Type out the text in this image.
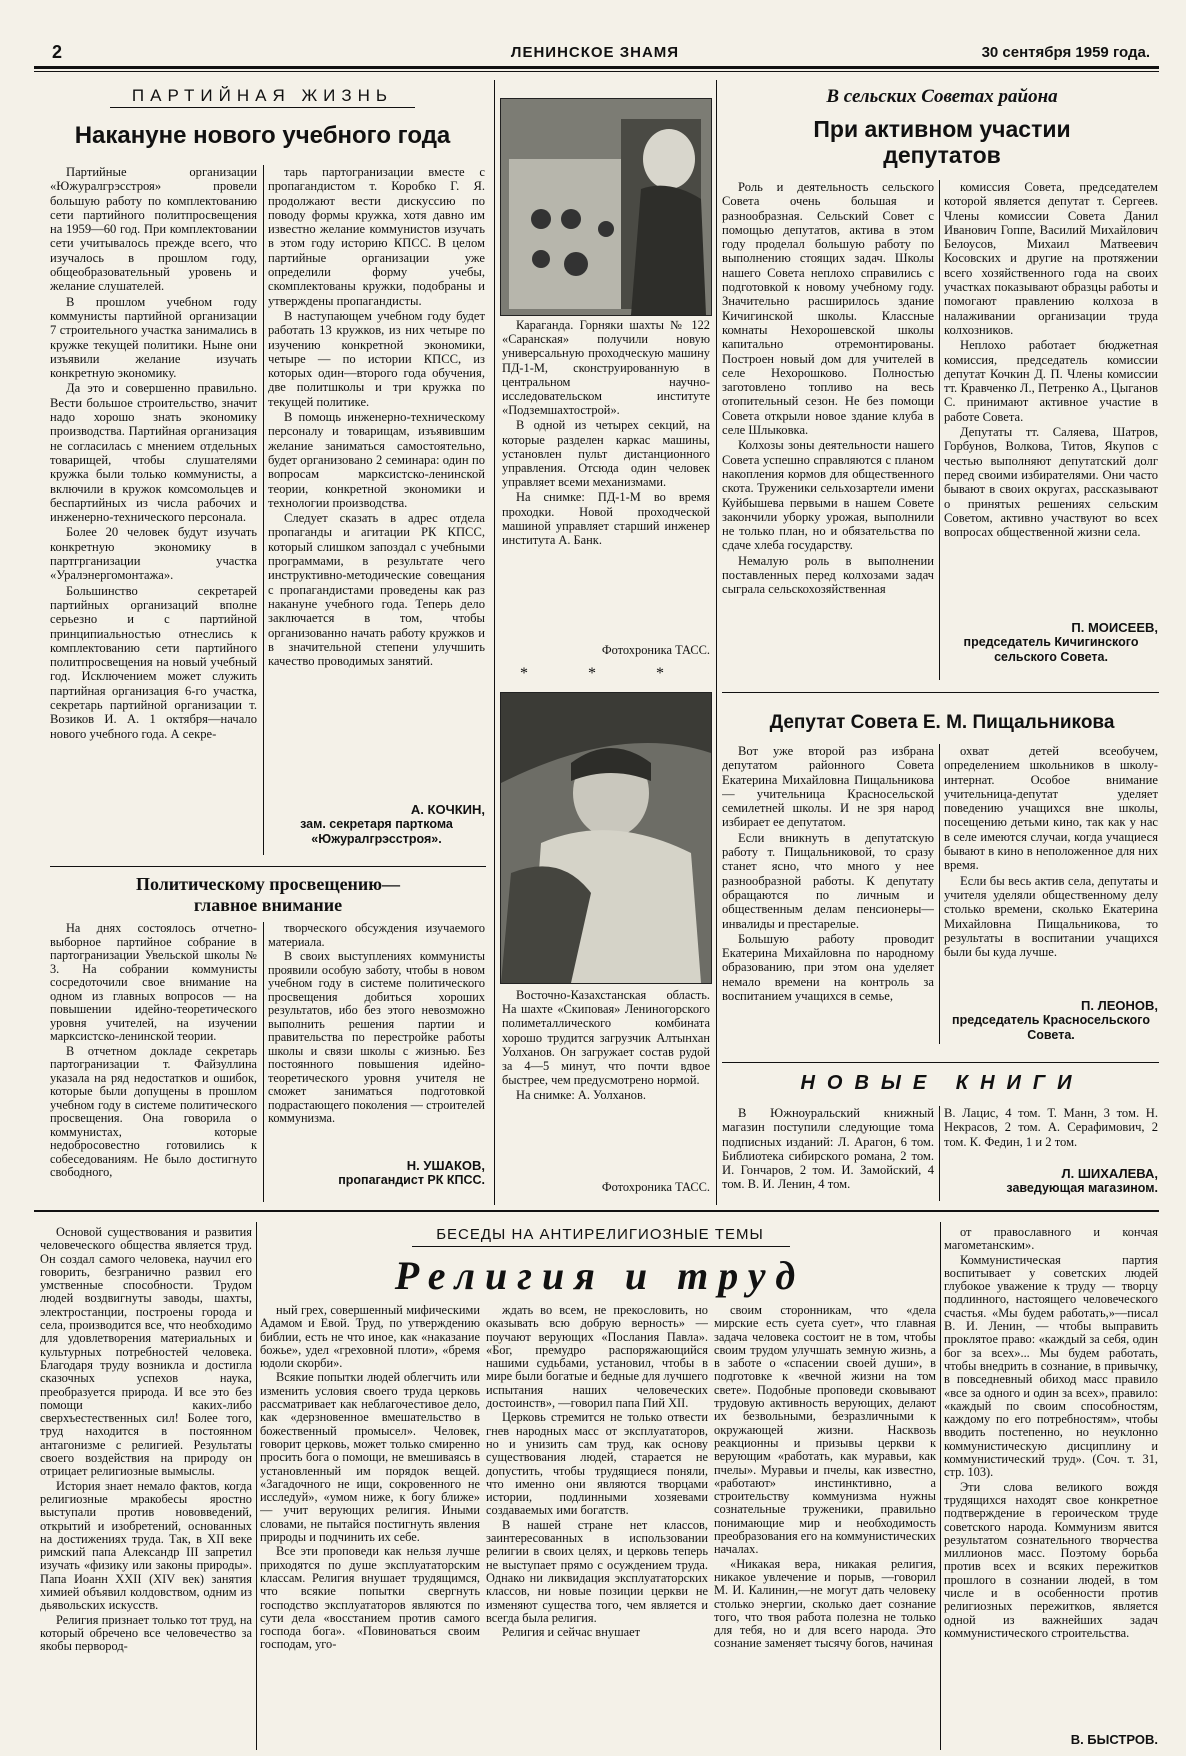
2	ЛЕНИНСКОЕ ЗНАМЯ	30 сентября 1959 года.
ПАРТИЙНАЯ ЖИЗНЬ
Накануне нового учебного года

Партийные организации «Южуралгрэсстроя» провели большую работу по комплектованию сети партийного политпросвещения на 1959—60 год. При комплектовании сети учитывалось прежде всего, что изучалось в прошлом году, общеобразовательный уровень и желание слушателей.

В прошлом учебном году коммунисты партийной организации 7 строительного участка занимались в кружке текущей политики. Ныне они изъявили желание изучать конкретную экономику.

Да это и совершенно правильно. Вести большое строительство, значит надо хорошо знать экономику производства. Партийная организация не согласилась с мнением отдельных товарищей, чтобы слушателями кружка были только коммунисты, а включили в кружок комсомольцев и беспартийных из числа рабочих и инженерно-технического персонала.

Более 20 человек будут изучать конкретную экономику в партгрганизации участка «Уралэнергомонтажа».

Большинство секретарей партийных организаций вполне серьезно и с партийной принципиальностью отнеслись к комплектованию сети партийного политпросвещения на новый учебный год. Исключением может служить партийная организация 6-го участка, секретарь партийной организации т. Возиков И. А. 1 октября—начало нового учебного года. А секре-

тарь партогранизации вместе с пропагандистом т. Коробко Г. Я. продолжают вести дискуссию по поводу формы кружка, хотя давно им известно желание коммунистов изучать в этом году историю КПСС. В целом партийные организации уже определили форму учебы, скомплектованы кружки, подобраны и утверждены пропагандисты.

В наступающем учебном году будет работать 13 кружков, из них четыре по изучению конкретной экономики, четыре — по истории КПСС, из которых один—второго года обучения, две политшколы и три кружка по текущей политике.

В помощь инженерно-техническому персоналу и товарищам, изъявившим желание заниматься самостоятельно, будет организовано 2 семинара: один по вопросам марксистско-ленинской теории, конкретной экономики и технологии производства.

Следует сказать в адрес отдела пропаганды и агитации РК КПСС, который слишком запоздал с учебными программами, в результате чего инструктивно-методические совещания с пропагандистами проведены как раз накануне учебного года. Теперь дело заключается в том, чтобы организованно начать работу кружков и в значительной степени улучшить качество проводимых занятий.

А. КОЧКИН,
зам. секретаря парткома «Южуралгрэсстроя».
Политическому просвещению—
главное внимание

На днях состоялось отчетно-выборное партийное собрание в партогранизации Увельской школы № 3. На собрании коммунисты сосредоточили свое внимание на одном из главных вопросов — на повышении идейно-теоретического уровня учителей, на изучении марксистско-ленинской теории.

В отчетном докладе секретарь партогранизации т. Файзуллина указала на ряд недостатков и ошибок, которые были допущены в прошлом учебном году в системе политического просвещения. Она говорила о коммунистах, которые недобросовестно готовились к собеседованиям. Не было достигнуто свободного,

творческого обсуждения изучаемого материала.

В своих выступлениях коммунисты проявили особую заботу, чтобы в новом учебном году в системе политического просвещения добиться хороших результатов, ибо без этого невозможно выполнить решения партии и правительства по перестройке работы школы и связи школы с жизнью. Без постоянного повышения идейно-теоретического уровня учителя не сможет заниматься подготовкой подрастающего поколения — строителей коммунизма.

Н. УШАКОВ,
пропагандист РК КПСС.

Караганда. Горняки шахты № 122 «Саранская» получили новую универсальную проходческую машину ПД-1-М, сконструированную в центральном научно-исследовательском институте «Подземшахтострой».

В одной из четырех секций, на которые разделен каркас машины, установлен пульт дистанционного управления. Отсюда один человек управляет всеми механизмами.

На снимке: ПД-1-М во время проходки. Новой проходческой машиной управляет старший инженер института А. Банк.

Фотохроника ТАСС.
* * *

Восточно-Казахстанская область. На шахте «Скиповая» Лениногорского полиметаллического комбината хорошо трудится загрузчик Алтынхан Уолханов. Он загружает состав рудой за 4—5 минут, что почти вдвое быстрее, чем предусмотрено нормой.

На снимке: А. Уолханов.

Фотохроника ТАСС.
В сельских Советах района
При активном участии
депутатов

Роль и деятельность сельского Совета очень большая и разнообразная. Сельский Совет с помощью депутатов, актива в этом году проделал большую работу по выполнению стоящих задач. Школы нашего Совета неплохо справились с подготовкой к новому учебному году. Значительно расширилось здание Кичигинской школы. Классные комнаты Нехорошевской школы капитально отремонтированы. Построен новый дом для учителей в селе Нехорошково. Полностью заготовлено топливо на весь отопительный сезон. Не без помощи Совета открыли новое здание клуба в селе Шлыковка.

Колхозы зоны деятельности нашего Совета успешно справляются с планом накопления кормов для общественного скота. Труженики сельхозартели имени Куйбышева первыми в нашем Совете закончили уборку урожая, выполнили не только план, но и обязательства по сдаче хлеба государству.

Немалую роль в выполнении поставленных перед колхозами задач сыграла сельскохозяйственная

комиссия Совета, председателем которой является депутат т. Сергеев. Члены комиссии Совета Данил Иванович Гоппе, Василий Михайлович Белоусов, Михаил Матвеевич Косовских и другие на протяжении всего хозяйственного года на своих участках показывают образцы работы и помогают правлению колхоза в налаживании организации труда колхозников.

Неплохо работает бюджетная комиссия, председатель комиссии депутат Кочкин Д. П. Члены комиссии тт. Кравченко Л., Петренко А., Цыганов С. принимают активное участие в работе Совета.

Депутаты тт. Саляева, Шатров, Горбунов, Волкова, Титов, Якупов с честью выполняют депутатский долг перед своими избирателями. Они часто бывают в своих округах, рассказывают о принятых решениях сельским Советом, активно участвуют во всех вопросах общественной жизни села.

П. МОИСЕЕВ,
председатель Кичигинского
сельского Совета.
Депутат Совета Е. М. Пищальникова

Вот уже второй раз избрана депутатом районного Совета Екатерина Михайловна Пищальникова — учительница Красносельской семилетней школы. И не зря народ избирает ее депутатом.

Если вникнуть в депутатскую работу т. Пищальниковой, то сразу станет ясно, что много у нее разнообразной работы. К депутату обращаются по личным и общественным делам пенсионеры—инвалиды и престарелые.

Большую работу проводит Екатерина Михайловна по народному образованию, при этом она уделяет немало времени на контроль за воспитанием учащихся в семье,

охват детей всеобучем, определением школьников в школу-интернат. Особое внимание учительница-депутат уделяет поведению учащихся вне школы, посещению детьми кино, так как у нас в селе имеются случаи, когда учащиеся бывают в кино в неположенное для них время.

Если бы весь актив села, депутаты и учителя уделяли общественному делу столько времени, сколько Екатерина Михайловна Пищальникова, то результаты в воспитании учащихся были бы куда лучше.

П. ЛЕОНОВ,
председатель Красносельского Совета.
НОВЫЕ КНИГИ
В Южноуральский книжный магазин поступили следующие тома подписных изданий: Л. Арагон, 6 том. Библиотека сибирского романа, 2 том. И. Гончаров, 2 том. И. Замойский, 4 том. В. И. Ленин, 4 том.
В. Лацис, 4 том. Т. Манн, 3 том. Н. Некрасов, 2 том. А. Серафимович, 2 том. К. Федин, 1 и 2 том.
Л. ШИХАЛЕВА,
заведующая магазином.
БЕСЕДЫ НА АНТИРЕЛИГИОЗНЫЕ ТЕМЫ
Религия и труд

Основой существования и развития человеческого общества является труд. Он создал самого человека, научил его говорить, безгранично развил его умственные способности. Трудом людей воздвигнуты заводы, шахты, электростанции, построены города и села, производится все, что необходимо для удовлетворения материальных и культурных потребностей человека. Благодаря труду возникла и достигла сказочных успехов наука, преобразуется природа. И все это без помощи каких-либо сверхъестественных сил! Более того, труд находится в постоянном антагонизме с религией. Результаты своего воздействия на природу он отрицает религиозные вымыслы.

История знает немало фактов, когда религиозные мракобесы яростно выступали против нововведений, открытий и изобретений, основанных на достижениях труда. Так, в XII веке римский папа Александр III запретил изучать «физику или законы природы». Папа Иоанн XXII (XIV век) занятия химией объявил колдовством, одним из дьявольских искусств.

Религия признает только тот труд, на который обречено все человечество за якобы первород-

ный грех, совершенный мифическими Адамом и Евой. Труд, по утверждению библии, есть не что иное, как «наказание божье», удел «греховной плоти», «бремя юдоли скорби».

Всякие попытки людей облегчить или изменить условия своего труда церковь рассматривает как неблагочестивое дело, как «дерзновенное вмешательство в божественный промысел». Человек, говорит церковь, может только смиренно просить бога о помощи, не вмешиваясь в установленный им порядок вещей. «Загадочного не ищи, сокровенного не исследуй», «умом ниже, к богу ближе» — учит верующих религия. Иными словами, не пытайся постигнуть явления природы и подчинить их себе.

Все эти проповеди как нельзя лучше приходятся по душе эксплуататорским классам. Религия внушает трудящимся, что всякие попытки свергнуть господство эксплуататоров являются по сути дела «восстанием против самого господа бога». «Повиноваться своим господам, уго-

ждать во всем, не прекословить, но оказывать всю добрую верность» — поучают верующих «Послания Павла». «Бог, премудро распоряжающийся нашими судьбами, установил, чтобы в мире были богатые и бедные для лучшего испытания наших человеческих достоинств», —говорил папа Пий XII.

Церковь стремится не только отвести гнев народных масс от эксплуататоров, но и унизить сам труд, как основу существования людей, старается не допустить, чтобы трудящиеся поняли, что именно они являются творцами истории, подлинными хозяевами создаваемых ими богатств.

В нашей стране нет классов, заинтересованных в использовании религии в своих целях, и церковь теперь не выступает прямо с осуждением труда. Однако ни ликвидация эксплуататорских классов, ни новые позиции церкви не изменяют существа того, чем является и всегда была религия.

Религия и сейчас внушает

своим сторонникам, что «дела мирские есть суета сует», что главная задача человека состоит не в том, чтобы своим трудом улучшать земную жизнь, а в заботе о «спасении своей души», в подготовке к «вечной жизни на том свете». Подобные проповеди сковывают трудовую активность верующих, делают их безвольными, безразличными к окружающей жизни. Насквозь реакционны и призывы церкви к верующим «работать, как муравьи, как пчелы». Муравьи и пчелы, как известно, «работают» инстинктивно, а строительству коммунизма нужны сознательные труженики, правильно понимающие мир и необходимость преобразования его на коммунистических началах.

«Никакая вера, никакая религия, никакое увлечение и порыв, —говорил М. И. Калинин,—не могут дать человеку столько энергии, сколько дает сознание того, что твоя работа полезна не только для тебя, но и для всего народа. Это сознание заменяет тысячу богов, начиная

от православного и кончая магометанским».

Коммунистическая партия воспитывает у советских людей глубокое уважение к труду — творцу подлинного, настоящего человеческого счастья. «Мы будем работать,»—писал В. И. Ленин, — чтобы выправить проклятое право: «каждый за себя, один бог за всех»... Мы будем работать, чтобы внедрить в сознание, в привычку, в повседневный обиход масс правило «все за одного и один за всех», правило: «каждый по своим способностям, каждому по его потребностям», чтобы вводить постепенно, но неуклонно коммунистическую дисциплину и коммунистический труд». (Соч. т. 31, стр. 103).

Эти слова великого вождя трудящихся находят свое конкретное подтверждение в героическом труде советского народа. Коммунизм явится результатом сознательного творчества миллионов масс. Поэтому борьба против всех и всяких пережитков прошлого в сознании людей, в том числе и в особенности против религиозных пережитков, является одной из важнейших задач коммунистического строительства.

В. БЫСТРОВ.
